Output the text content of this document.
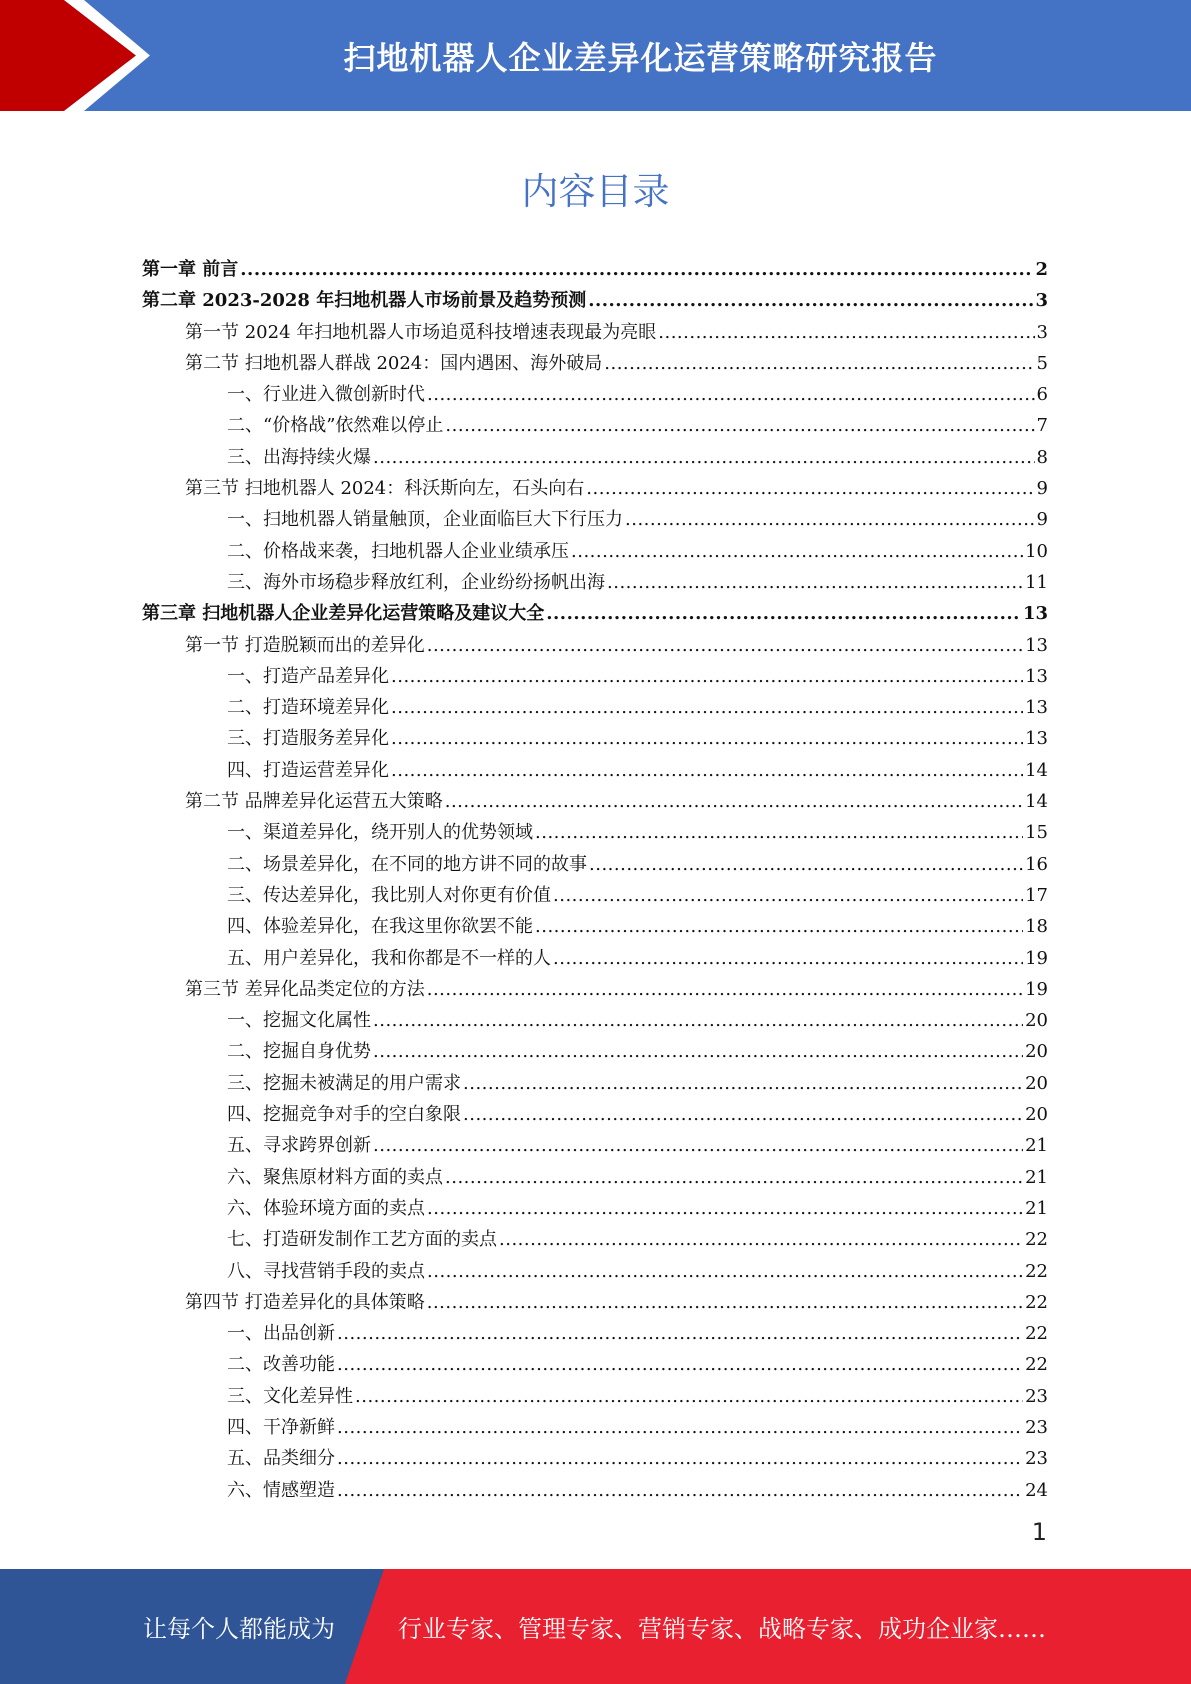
扫地机器人企业差异化运营策略研究报告
内容目录
第一章 前言 .....	2
第二章 2023-2028 年扫地机器人市场前景及趋势预测 .....	3
第一节 2024 年扫地机器人市场追觅科技增速表现最为亮眼 .....	3
第二节 扫地机器人群战 2024：国内遇困、海外破局 .....	5
一、行业进入微创新时代 .....	6
二、“价格战”依然难以停止 .....	7
三、出海持续火爆 .....	8
第三节 扫地机器人 2024：科沃斯向左，石头向右 .....	9
一、扫地机器人销量触顶，企业面临巨大下行压力 .....	9
二、价格战来袭，扫地机器人企业业绩承压 .....	10
三、海外市场稳步释放红利，企业纷纷扬帆出海 .....	11
第三章 扫地机器人企业差异化运营策略及建议大全 .....	13
第一节 打造脱颖而出的差异化 .....	13
一、打造产品差异化 .....	13
二、打造环境差异化 .....	13
三、打造服务差异化 .....	13
四、打造运营差异化 .....	14
第二节 品牌差异化运营五大策略 .....	14
一、渠道差异化，绕开别人的优势领域 .....	15
二、场景差异化，在不同的地方讲不同的故事 .....	16
三、传达差异化，我比别人对你更有价值 .....	17
四、体验差异化，在我这里你欲罢不能 .....	18
五、用户差异化，我和你都是不一样的人 .....	19
第三节 差异化品类定位的方法 .....	19
一、挖掘文化属性 .....	20
二、挖掘自身优势 .....	20
三、挖掘未被满足的用户需求 .....	20
四、挖掘竞争对手的空白象限 .....	20
五、寻求跨界创新 .....	21
六、聚焦原材料方面的卖点 .....	21
六、体验环境方面的卖点 .....	21
七、打造研发制作工艺方面的卖点 .....	22
八、寻找营销手段的卖点 .....	22
第四节 打造差异化的具体策略 .....	22
一、出品创新 .....	22
二、改善功能 .....	22
三、文化差异性 .....	23
四、干净新鲜 .....	23
五、品类细分 .....	23
六、情感塑造 .....	24
1
让每个人都能成为	行业专家、管理专家、营销专家、战略专家、成功企业家……
